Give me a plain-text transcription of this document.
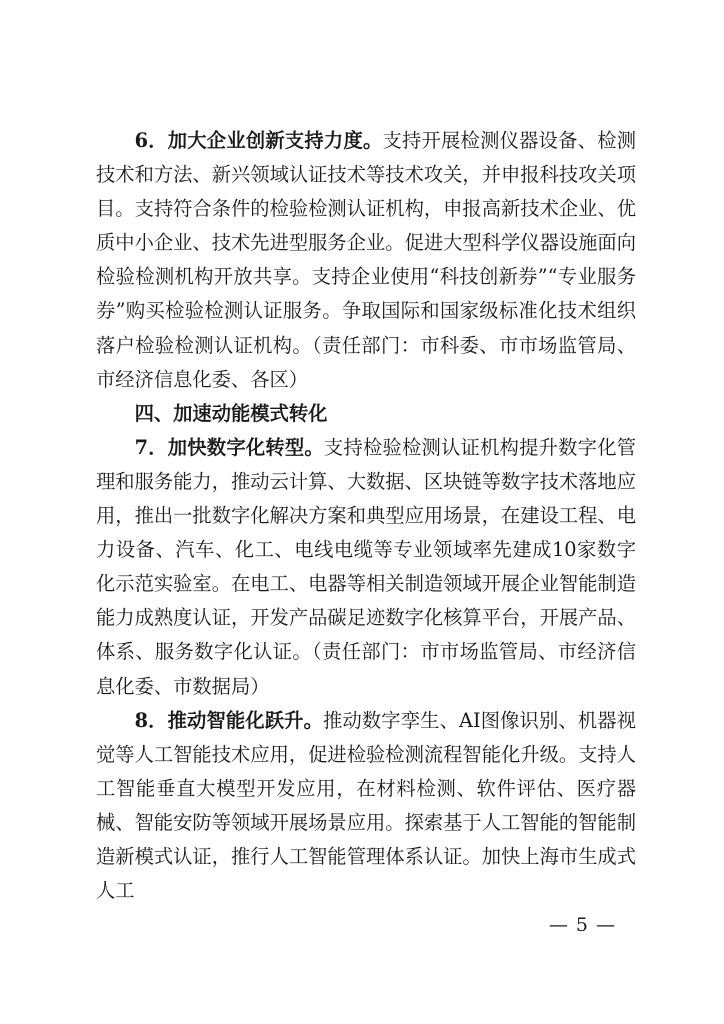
6．加大企业创新支持力度。支持开展检测仪器设备、检测技术和方法、新兴领域认证技术等技术攻关，并申报科技攻关项目。支持符合条件的检验检测认证机构，申报高新技术企业、优质中小企业、技术先进型服务企业。促进大型科学仪器设施面向检验检测机构开放共享。支持企业使用“科技创新券”“专业服务券”购买检验检测认证服务。争取国际和国家级标准化技术组织落户检验检测认证机构。（责任部门：市科委、市市场监管局、市经济信息化委、各区）

四、加速动能模式转化

7．加快数字化转型。支持检验检测认证机构提升数字化管理和服务能力，推动云计算、大数据、区块链等数字技术落地应用，推出一批数字化解决方案和典型应用场景，在建设工程、电力设备、汽车、化工、电线电缆等专业领域率先建成10家数字化示范实验室。在电工、电器等相关制造领域开展企业智能制造能力成熟度认证，开发产品碳足迹数字化核算平台，开展产品、体系、服务数字化认证。（责任部门：市市场监管局、市经济信息化委、市数据局）

8．推动智能化跃升。推动数字孪生、AI图像识别、机器视觉等人工智能技术应用，促进检验检测流程智能化升级。支持人工智能垂直大模型开发应用，在材料检测、软件评估、医疗器械、智能安防等领域开展场景应用。探索基于人工智能的智能制造新模式认证，推行人工智能管理体系认证。加快上海市生成式人工

— 5 —
